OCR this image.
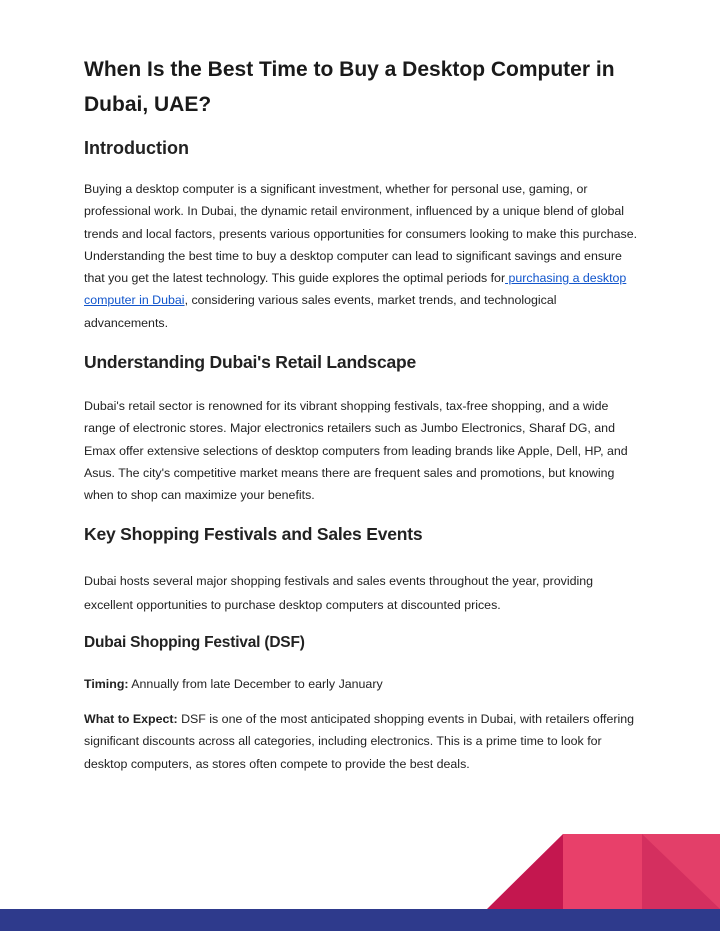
When Is the Best Time to Buy a Desktop Computer in Dubai, UAE?
Introduction

Buying a desktop computer is a significant investment, whether for personal use, gaming, or professional work. In Dubai, the dynamic retail environment, influenced by a unique blend of global trends and local factors, presents various opportunities for consumers looking to make this purchase. Understanding the best time to buy a desktop computer can lead to significant savings and ensure that you get the latest technology. This guide explores the optimal periods for purchasing a desktop computer in Dubai, considering various sales events, market trends, and technological advancements.

Understanding Dubai's Retail Landscape

Dubai's retail sector is renowned for its vibrant shopping festivals, tax-free shopping, and a wide range of electronic stores. Major electronics retailers such as Jumbo Electronics, Sharaf DG, and Emax offer extensive selections of desktop computers from leading brands like Apple, Dell, HP, and Asus. The city's competitive market means there are frequent sales and promotions, but knowing when to shop can maximize your benefits.

Key Shopping Festivals and Sales Events

Dubai hosts several major shopping festivals and sales events throughout the year, providing excellent opportunities to purchase desktop computers at discounted prices.

Dubai Shopping Festival (DSF)

Timing: Annually from late December to early January

What to Expect: DSF is one of the most anticipated shopping events in Dubai, with retailers offering significant discounts across all categories, including electronics. This is a prime time to look for desktop computers, as stores often compete to provide the best deals.
